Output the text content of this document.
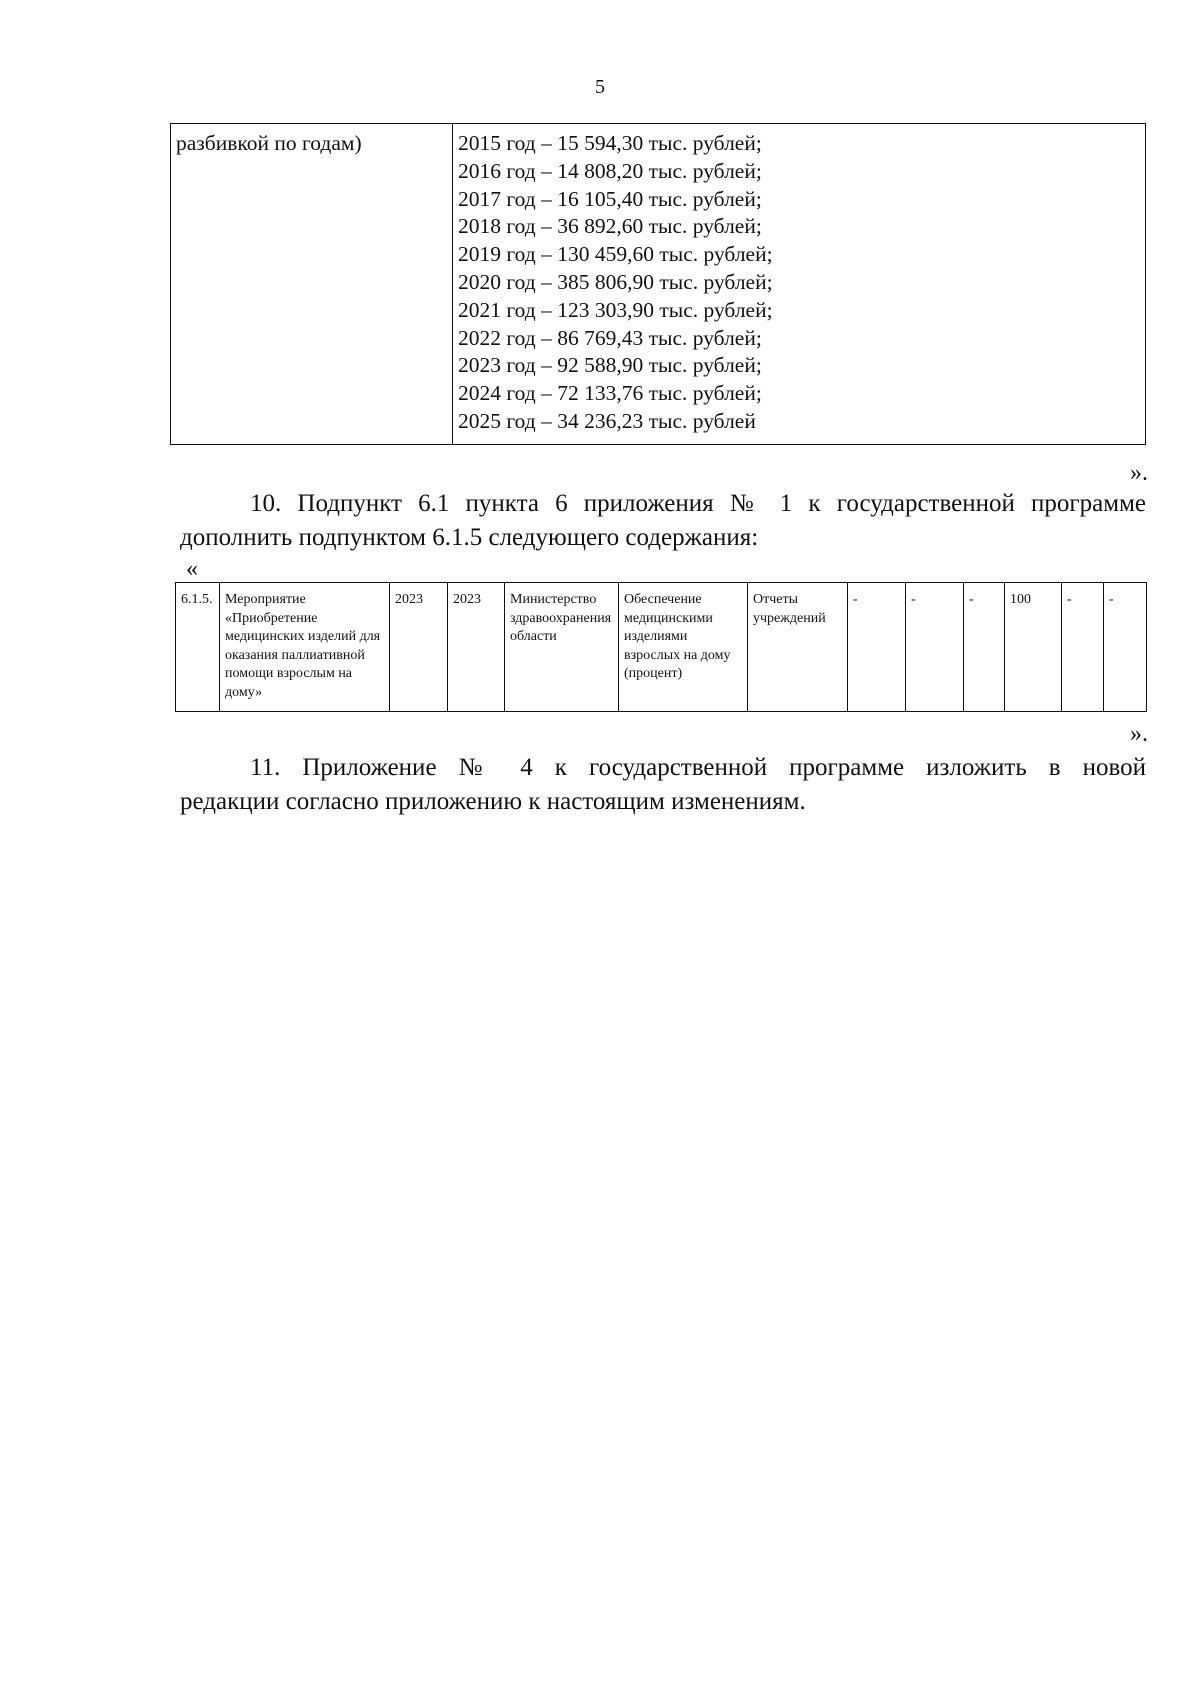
5
разбивкой по годам)	2015 год – 15 594,30 тыс. рублей;
2016 год – 14 808,20 тыс. рублей;
2017 год – 16 105,40 тыс. рублей;
2018 год – 36 892,60 тыс. рублей;
2019 год – 130 459,60 тыс. рублей;
2020 год – 385 806,90 тыс. рублей;
2021 год – 123 303,90 тыс. рублей;
2022 год – 86 769,43 тыс. рублей;
2023 год – 92 588,90 тыс. рублей;
2024 год – 72 133,76 тыс. рублей;
2025 год – 34 236,23 тыс. рублей
».

10. Подпункт 6.1 пункта 6 приложения № 1 к государственной программе
дополнить подпунктом 6.1.5 следующего содержания:

«
6.1.5.	Мероприятие «Приобретение медицинских изделий для оказания паллиативной помощи взрослым на дому»	2023	2023	Министерство здравоохранения области	Обеспечение медицинскими изделиями взрослых на дому (процент)	Отчеты учреждений	-	-	-	100	-	-
».

11. Приложение № 4 к государственной программе изложить в новой
редакции согласно приложению к настоящим изменениям.
